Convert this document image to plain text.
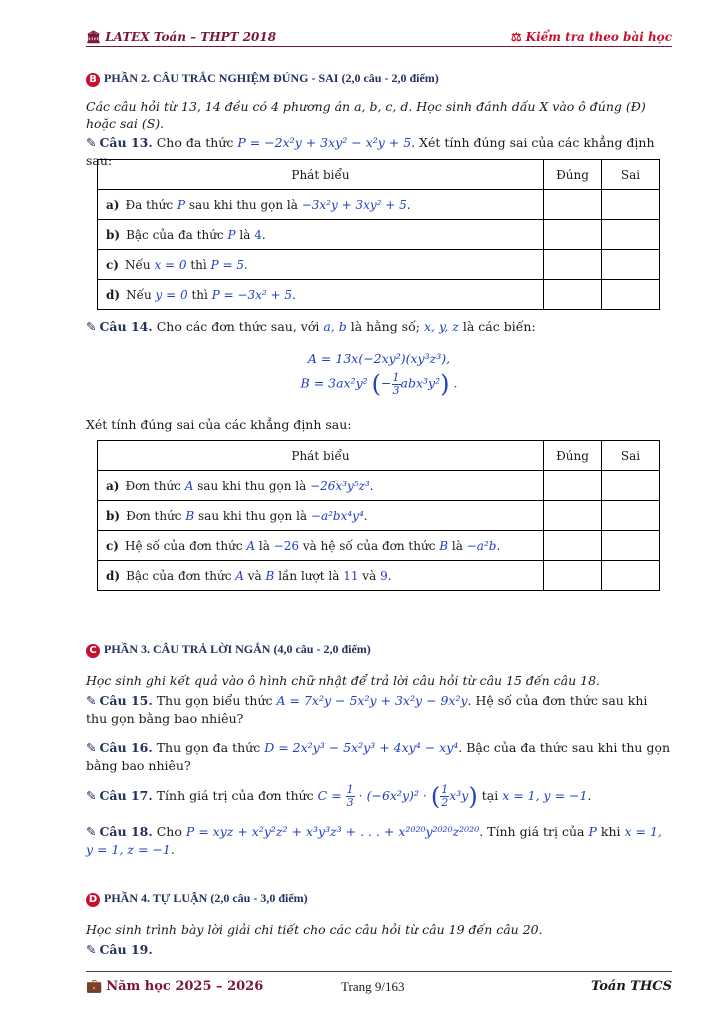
🏛 LATEX Toán – THPT 2018	⚖ Kiểm tra theo bài học
B PHẦN 2. CÂU TRẮC NGHIỆM ĐÚNG - SAI (2,0 câu - 2,0 điểm)
Các câu hỏi từ 13, 14 đều có 4 phương án a, b, c, d. Học sinh đánh dấu X vào ô đúng (Đ) hoặc sai (S).
✎ Câu 13. Cho đa thức P = −2x²y + 3xy² − x²y + 5. Xét tính đúng sai của các khẳng định sau:
Phát biểu	Đúng	Sai
a) Đa thức P sau khi thu gọn là −3x²y + 3xy² + 5.		
b) Bậc của đa thức P là 4.		
c) Nếu x = 0 thì P = 5.		
d) Nếu y = 0 thì P = −3x² + 5.		
✎ Câu 14. Cho các đơn thức sau, với a, b là hằng số; x, y, z là các biến:
A = 13x(−2xy²)(xy³z³),
B = 3ax²y² (− $\frac{1}{3} abx^3y^2$) .
Xét tính đúng sai của các khẳng định sau:
Phát biểu	Đúng	Sai
a) Đơn thức A sau khi thu gọn là −26x³y⁵z³.		
b) Đơn thức B sau khi thu gọn là −a²bx⁴y⁴.		
c) Hệ số của đơn thức A là −26 và hệ số của đơn thức B là −a²b.		
d) Bậc của đơn thức A và B lần lượt là 11 và 9.		
C PHẦN 3. CÂU TRẢ LỜI NGẮN (4,0 câu - 2,0 điểm)
Học sinh ghi kết quả vào ô hình chữ nhật để trả lời câu hỏi từ câu 15 đến câu 18.
✎ Câu 15. Thu gọn biểu thức A = 7x²y − 5x²y + 3x²y − 9x²y. Hệ số của đơn thức sau khi thu gọn bằng bao nhiêu?
✎ Câu 16. Thu gọn đa thức D = 2x²y³ − 5x²y³ + 4xy⁴ − xy⁴. Bậc của đa thức sau khi thu gọn bằng bao nhiêu?
✎ Câu 17. Tính giá trị của đơn thức $C = \frac{1}{3} \cdot (-6x^2y)^2$ · ( $\frac{1}{2} x^3y$) tại x = 1, y = −1.
✎ Câu 18. Cho P = xyz + x²y²z² + x³y³z³ + . . . + x²⁰²⁰y²⁰²⁰z²⁰²⁰. Tính giá trị của P khi x = 1, y = 1, z = −1.
D PHẦN 4. TỰ LUẬN (2,0 câu - 3,0 điểm)
Học sinh trình bày lời giải chi tiết cho các câu hỏi từ câu 19 đến câu 20.
✎ Câu 19.
💼 Năm học 2025 – 2026	Trang 9/163	Toán THCS
